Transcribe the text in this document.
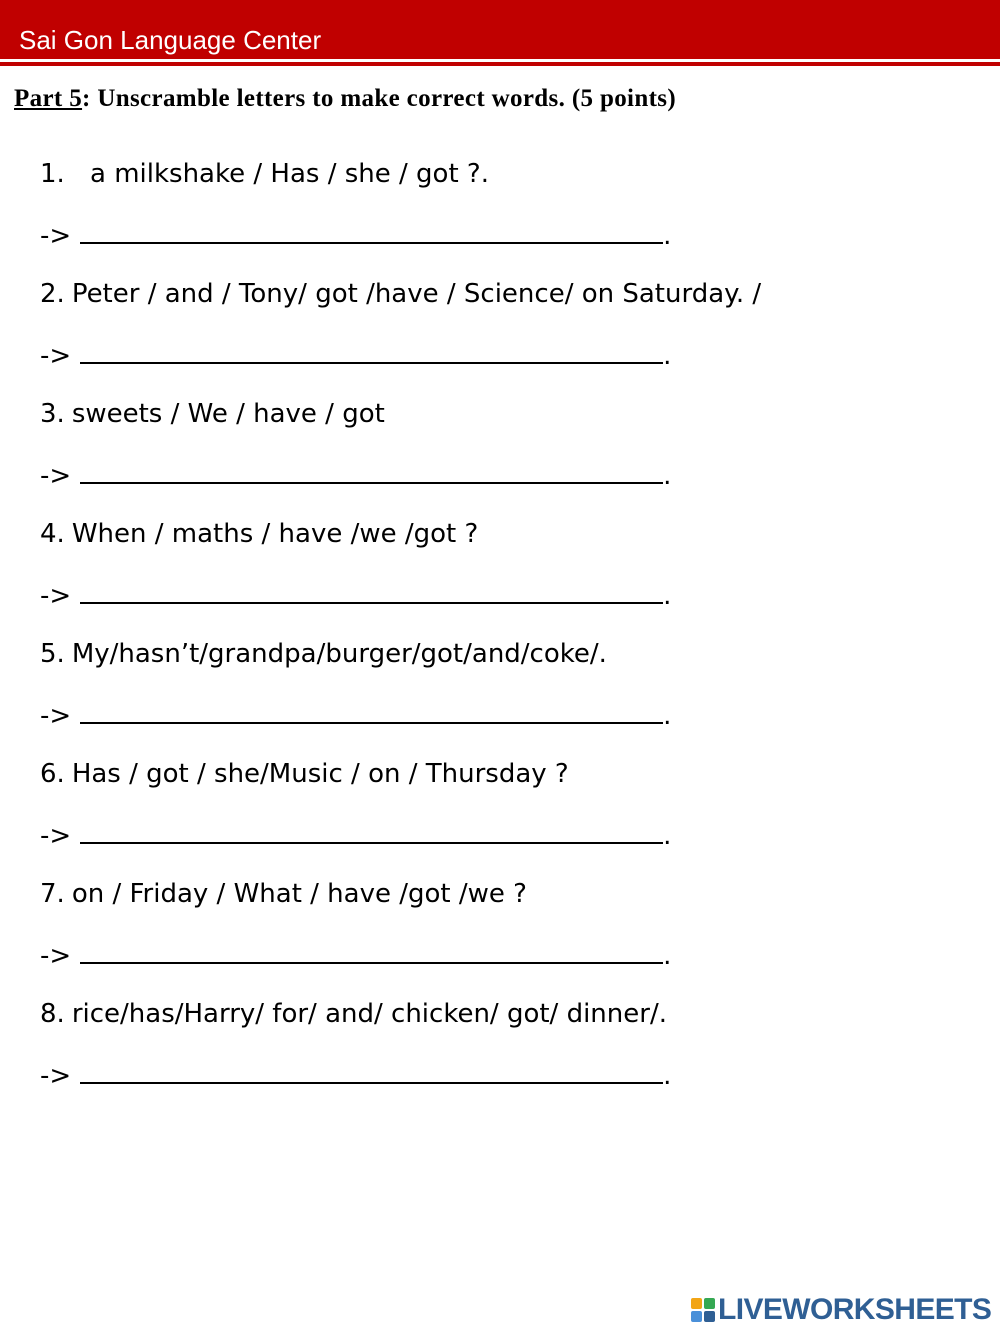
Sai Gon Language Center
Part 5: Unscramble letters to make correct words. (5 points)
1. a milkshake / Has / she / got ?.
->	.
2. Peter / and / Tony/ got /have / Science/ on Saturday. /
->	.
3. sweets / We / have / got
->	.
4. When / maths / have /we /got ?
->	.
5. My/hasn’t/grandpa/burger/got/and/coke/.
->	.
6. Has / got / she/Music / on / Thursday ?
->	.
7. on / Friday / What / have /got /we ?
->	.
8. rice/has/Harry/ for/ and/ chicken/ got/ dinner/.
->	.
LIVEWORKSHEETS
